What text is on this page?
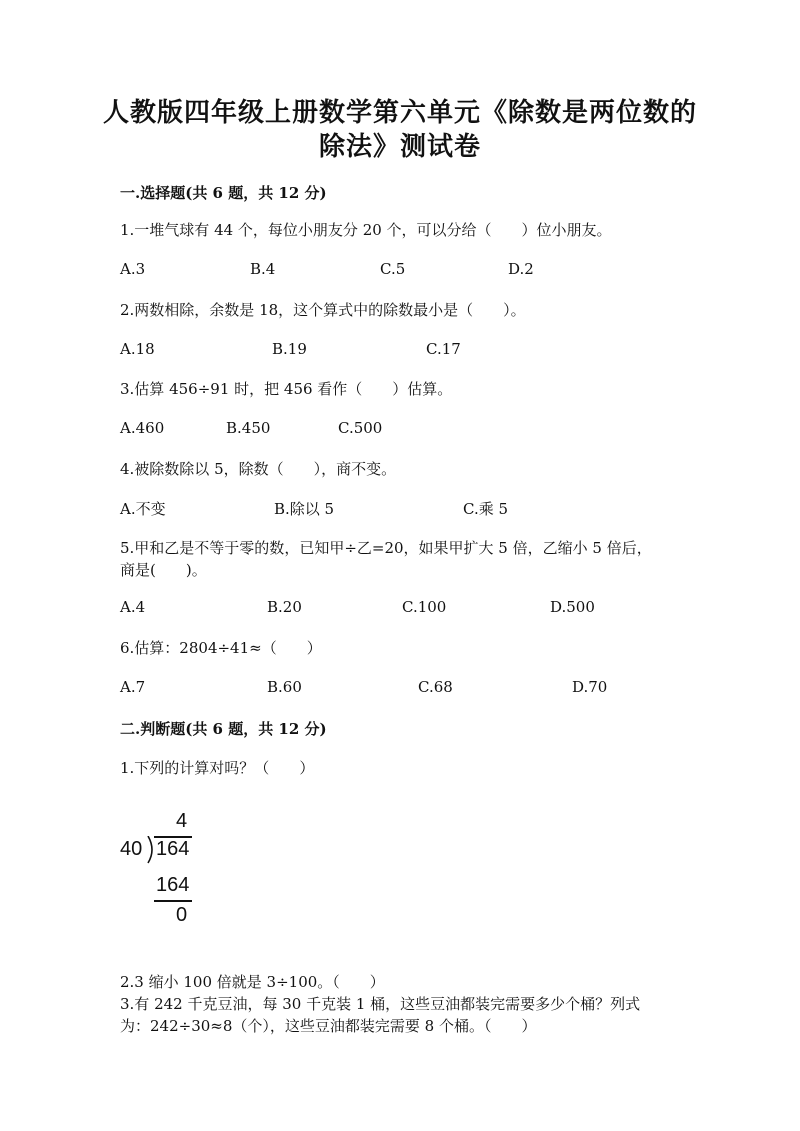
人教版四年级上册数学第六单元《除数是两位数的
除法》测试卷
一.选择题(共 6 题，共 12 分)
1.一堆气球有 44 个，每位小朋友分 20 个，可以分给（　　）位小朋友。
A.3	B.4	C.5	D.2
2.两数相除，余数是 18，这个算式中的除数最小是（　　）。
A.18	B.19	C.17
3.估算 456÷91 时，把 456 看作（　　）估算。
A.460	B.450	C.500
4.被除数除以 5，除数（　　），商不变。
A.不变	B.除以 5	C.乘 5
5.甲和乙是不等于零的数，已知甲÷乙=20，如果甲扩大 5 倍，乙缩小 5 倍后，
商是(　　)。
A.4	B.20	C.100	D.500
6.估算：2804÷41≈（　　）
A.7	B.60	C.68	D.70
二.判断题(共 6 题，共 12 分)
1.下列的计算对吗？（　　）
4
40 164
164
0
2.3 缩小 100 倍就是 3÷100。（　　）
3.有 242 千克豆油，每 30 千克装 1 桶，这些豆油都装完需要多少个桶？列式
为：242÷30≈8（个），这些豆油都装完需要 8 个桶。（　　）
